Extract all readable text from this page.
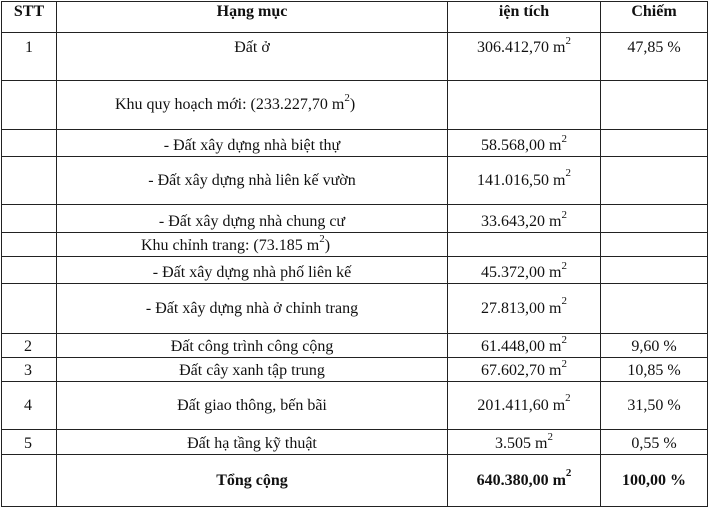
STT	Hạng mục	iện tích	Chiếm
1	Đất ở	306.412,70 $m^2$	47,85 %
	Khu quy hoạch mới: (233.227,70 $m^2$)		
	- Đất xây dựng nhà biệt thự	58.568,00 $m^2$	
	- Đất xây dựng nhà liên kế vườn	141.016,50 $m^2$	
	- Đất xây dựng nhà chung cư	33.643,20 $m^2$	
	Khu chỉnh trang: (73.185 $m^2$)		
	- Đất xây dựng nhà phố liên kế	45.372,00 $m^2$	
	- Đất xây dựng nhà ở chỉnh trang	27.813,00 $m^2$	
2	Đất công trình công cộng	61.448,00 $m^2$	9,60 %
3	Đất cây xanh tập trung	67.602,70 $m^2$	10,85 %
4	Đất giao thông, bến bãi	201.411,60 $m^2$	31,50 %
5	Đất hạ tầng kỹ thuật	3.505 $m^2$	0,55 %
	Tổng cộng	640.380,00 $m^2$	100,00 %
